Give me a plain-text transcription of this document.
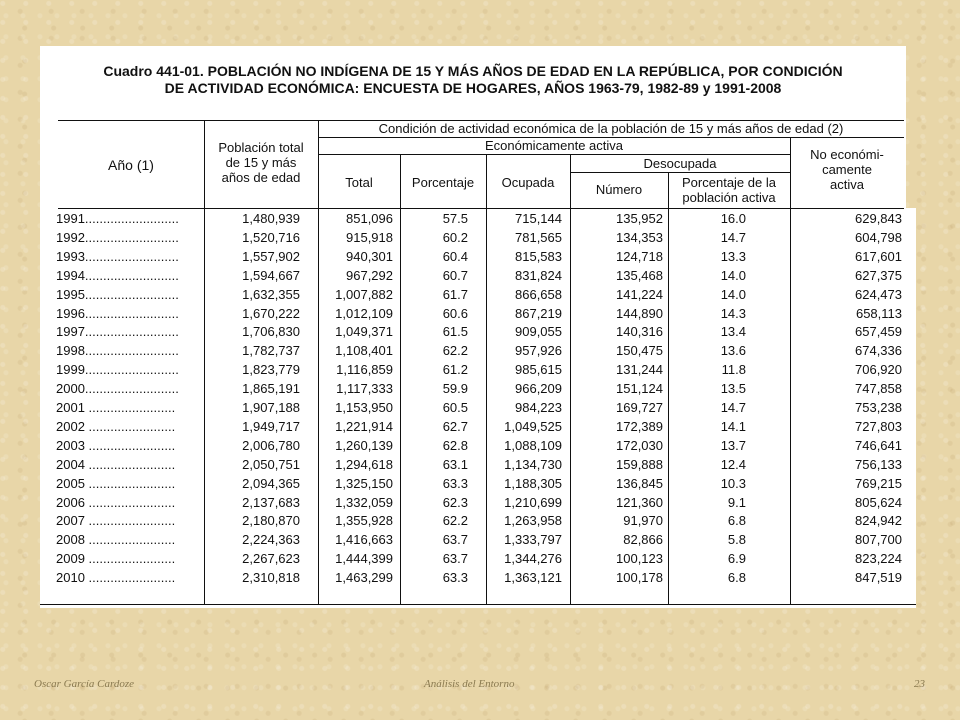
Cuadro 441-01. POBLACIÓN NO INDÍGENA DE 15 Y MÁS AÑOS DE EDAD EN LA REPÚBLICA, POR CONDICIÓN
DE ACTIVIDAD ECONÓMICA: ENCUESTA DE HOGARES, AÑOS 1963-79, 1982-89 y 1991-2008
Año (1)
Población total
de 15 y más
años de edad
Condición de actividad económica de la población de 15 y más años de edad (2)
Económicamente activa
Desocupada
No económi-
camente
activa
Total	Porcentaje	Ocupada	Número	Porcentaje de la
población activa
1991..........................	1,480,939	851,096	57.5	715,144	135,952	16.0	629,843
1992..........................	1,520,716	915,918	60.2	781,565	134,353	14.7	604,798
1993..........................	1,557,902	940,301	60.4	815,583	124,718	13.3	617,601
1994..........................	1,594,667	967,292	60.7	831,824	135,468	14.0	627,375
1995..........................	1,632,355	1,007,882	61.7	866,658	141,224	14.0	624,473
1996..........................	1,670,222	1,012,109	60.6	867,219	144,890	14.3	658,113
1997..........................	1,706,830	1,049,371	61.5	909,055	140,316	13.4	657,459
1998..........................	1,782,737	1,108,401	62.2	957,926	150,475	13.6	674,336
1999..........................	1,823,779	1,116,859	61.2	985,615	131,244	11.8	706,920
2000..........................	1,865,191	1,117,333	59.9	966,209	151,124	13.5	747,858
2001 ........................	1,907,188	1,153,950	60.5	984,223	169,727	14.7	753,238
2002 ........................	1,949,717	1,221,914	62.7	1,049,525	172,389	14.1	727,803
2003 ........................	2,006,780	1,260,139	62.8	1,088,109	172,030	13.7	746,641
2004 ........................	2,050,751	1,294,618	63.1	1,134,730	159,888	12.4	756,133
2005 ........................	2,094,365	1,325,150	63.3	1,188,305	136,845	10.3	769,215
2006 ........................	2,137,683	1,332,059	62.3	1,210,699	121,360	9.1	805,624
2007 ........................	2,180,870	1,355,928	62.2	1,263,958	91,970	6.8	824,942
2008 ........................	2,224,363	1,416,663	63.7	1,333,797	82,866	5.8	807,700
2009 ........................	2,267,623	1,444,399	63.7	1,344,276	100,123	6.9	823,224
2010 ........................	2,310,818	1,463,299	63.3	1,363,121	100,178	6.8	847,519
Oscar García Cardoze	Análisis del Entorno	23
